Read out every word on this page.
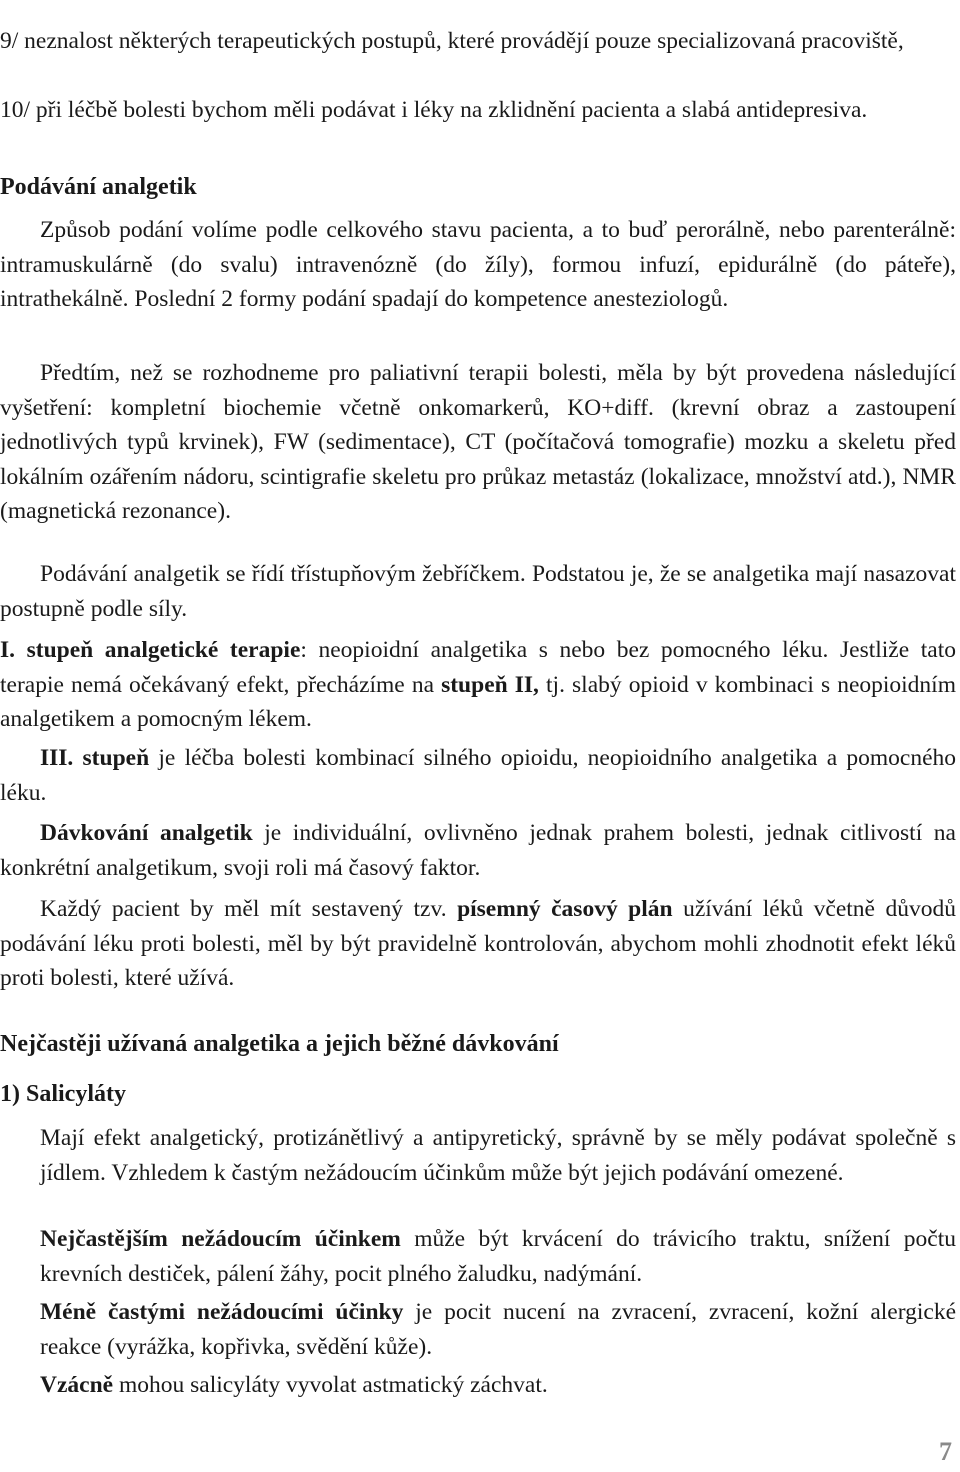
9/ neznalost některých terapeutických postupů, které provádějí pouze specializovaná pracoviště,

10/ při léčbě bolesti bychom měli podávat i léky na zklidnění pacienta a slabá antidepresiva.

Podávání analgetik

Způsob podání volíme podle celkového stavu pacienta, a to buď perorálně, nebo parenterálně: intramuskulárně (do svalu) intravenózně (do žíly), formou infuzí, epidurálně (do páteře), intrathekálně. Poslední 2 formy podání spadají do kompetence anesteziologů.

Předtím, než se rozhodneme pro paliativní terapii bolesti, měla by být provedena následující vyšetření: kompletní biochemie včetně onkomarkerů, KO+diff. (krevní obraz a zastoupení jednotlivých typů krvinek), FW (sedimentace), CT (počítačová tomografie) mozku a skeletu před lokálním ozářením nádoru, scintigrafie skeletu pro průkaz metastáz (lokalizace, množství atd.), NMR (magnetická rezonance).

Podávání analgetik se řídí třístupňovým žebříčkem. Podstatou je, že se analgetika mají nasazovat postupně podle síly.

I. stupeň analgetické terapie: neopioidní analgetika s nebo bez pomocného léku. Jestliže tato terapie nemá očekávaný efekt, přecházíme na stupeň II, tj. slabý opioid v kombinaci s neopioidním analgetikem a pomocným lékem.

III. stupeň je léčba bolesti kombinací silného opioidu, neopioidního analgetika a pomocného léku.

Dávkování analgetik je individuální, ovlivněno jednak prahem bolesti, jednak citlivostí na konkrétní analgetikum, svoji roli má časový faktor.

Každý pacient by měl mít sestavený tzv. písemný časový plán užívání léků včetně důvodů podávání léku proti bolesti, měl by být pravidelně kontrolován, abychom mohli zhodnotit efekt léků proti bolesti, které užívá.

Nejčastěji užívaná analgetika a jejich běžné dávkování
1) Salicyláty

Mají efekt analgetický, protizánětlivý a antipyretický, správně by se měly podávat společně s jídlem. Vzhledem k častým nežádoucím účinkům může být jejich podávání omezené.

Nejčastějším nežádoucím účinkem může být krvácení do trávicího traktu, snížení počtu krevních destiček, pálení žáhy, pocit plného žaludku, nadýmání.

Méně častými nežádoucími účinky je pocit nucení na zvracení, zvracení, kožní alergické reakce (vyrážka, kopřivka, svědění kůže).

Vzácně mohou salicyláty vyvolat astmatický záchvat.

7
